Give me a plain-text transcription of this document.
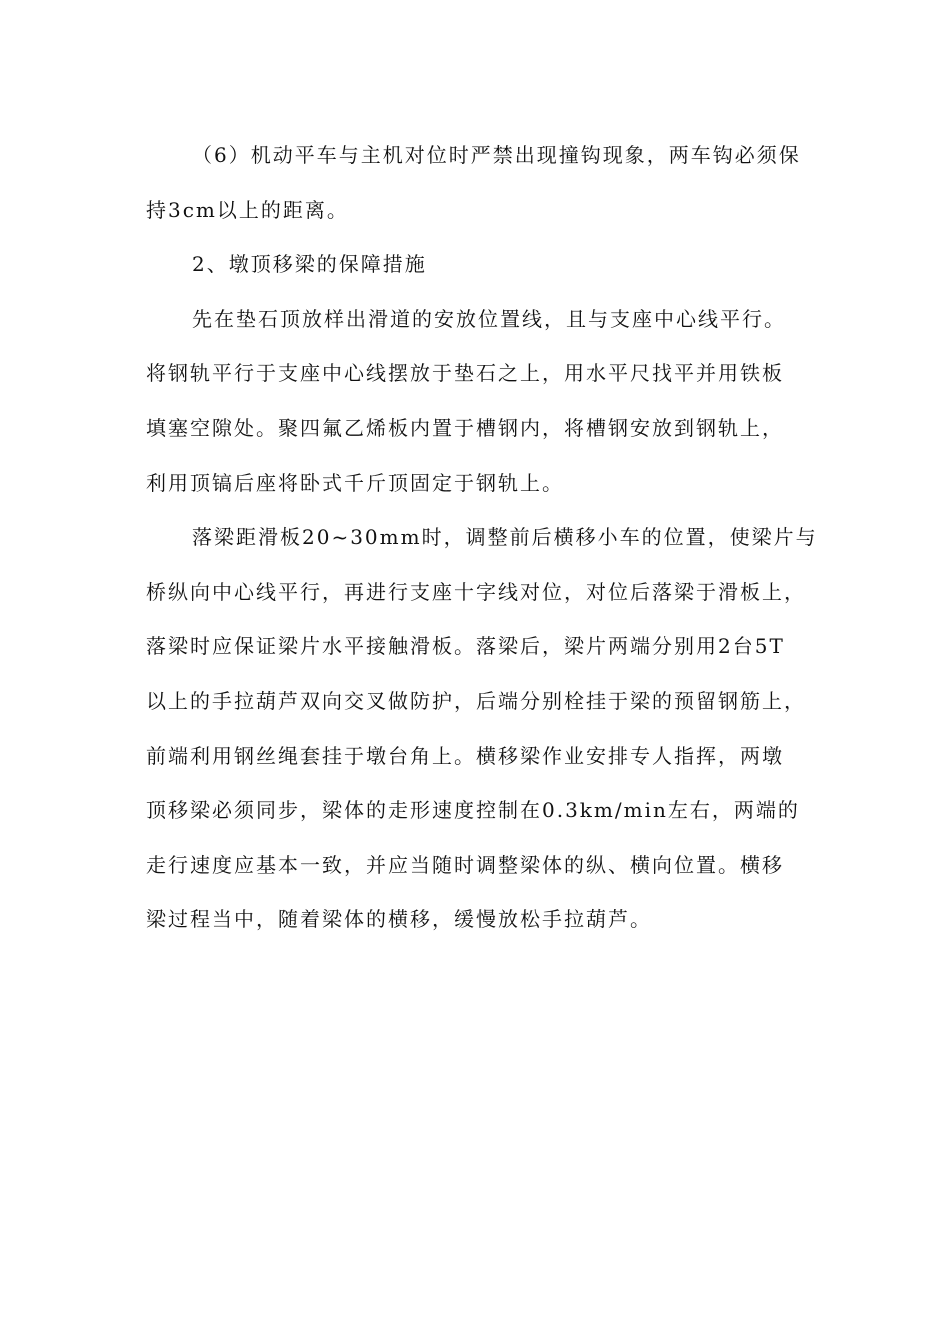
（6）机动平车与主机对位时严禁出现撞钩现象，两车钩必须保
持3cm以上的距离。

2、墩顶移梁的保障措施

先在垫石顶放样出滑道的安放位置线，且与支座中心线平行。
将钢轨平行于支座中心线摆放于垫石之上，用水平尺找平并用铁板
填塞空隙处。聚四氟乙烯板内置于槽钢内，将槽钢安放到钢轨上，
利用顶镐后座将卧式千斤顶固定于钢轨上。

落梁距滑板20~30mm时，调整前后横移小车的位置，使梁片与
桥纵向中心线平行，再进行支座十字线对位，对位后落梁于滑板上，
落梁时应保证梁片水平接触滑板。落梁后，梁片两端分别用2台5T
以上的手拉葫芦双向交叉做防护，后端分别栓挂于梁的预留钢筋上，
前端利用钢丝绳套挂于墩台角上。横移梁作业安排专人指挥，两墩
顶移梁必须同步，梁体的走形速度控制在0.3km/min左右，两端的
走行速度应基本一致，并应当随时调整梁体的纵、横向位置。横移
梁过程当中，随着梁体的横移，缓慢放松手拉葫芦。
